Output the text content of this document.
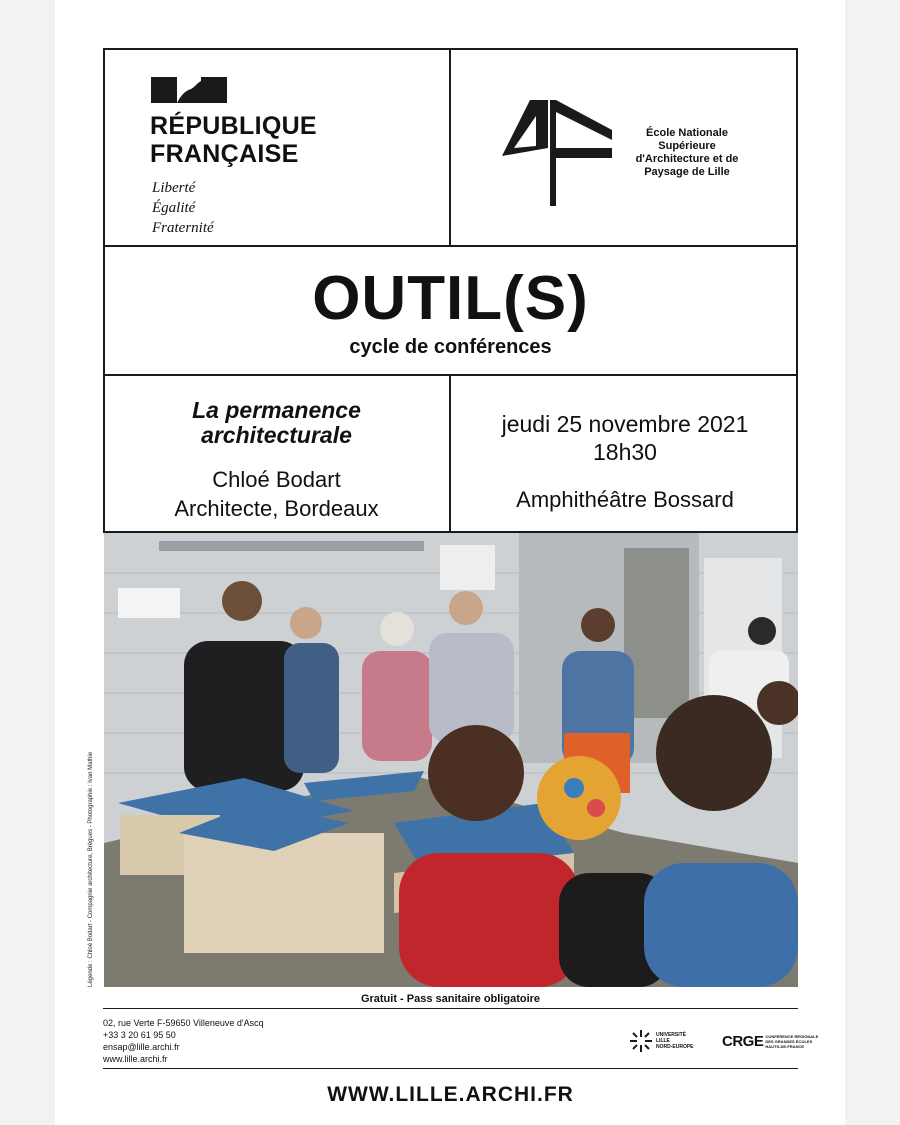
RÉPUBLIQUE
FRANÇAISE
Liberté
Égalité
Fraternité
École Nationale
Supérieure
d'Architecture et de
Paysage de Lille
OUTIL(S)
cycle de conférences
La permanence
architecturale
Chloé Bodart
Architecte, Bordeaux
jeudi 25 novembre 2021
18h30
Amphithéâtre Bossard
Légende : Chloé Bodart - Compagnie architecture, Brègues - Photographie : Ivan Mathie
Gratuit - Pass sanitaire obligatoire
02, rue Verte F-59650 Villeneuve d'Ascq
+33 3 20 61 95 50
ensap@lille.archi.fr
www.lille.archi.fr
UNIVERSITÉ
LILLE
NORD-EUROPE CRGE CONFÉRENCE RÉGIONALE
DES GRANDES ÉCOLES
HAUTS-DE-FRANCE
WWW.LILLE.ARCHI.FR
